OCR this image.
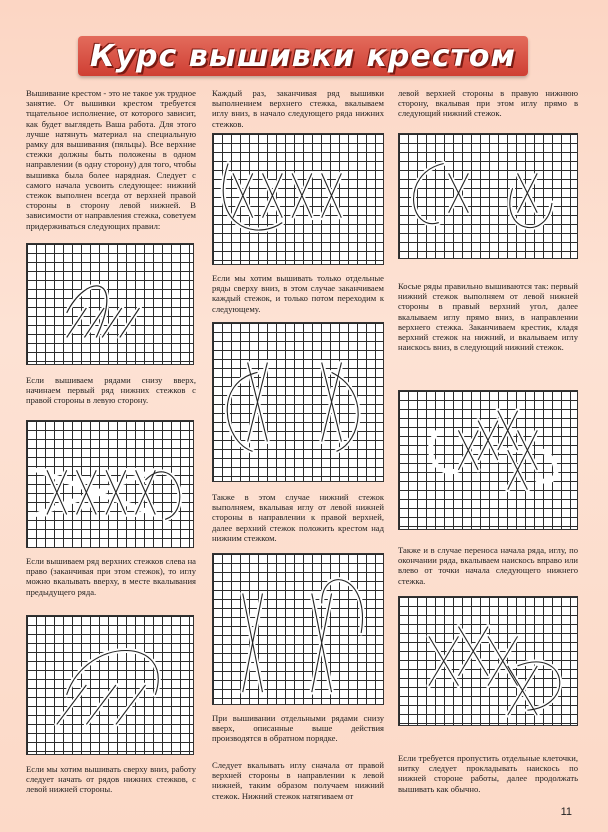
Курс вышивки крестом

Вышивание крестом - это не такое уж трудное занятие. От вышивки крестом требуется тщательное исполнение, от которого зависит, как будет выглядеть Ваша работа. Для этого лучше натянуть материал на специальную рамку для вышивания (пяльцы). Все верхние стежки должны быть положены в одном направлении (в одну сторону) для того, чтобы вышивка была более нарядная. Следует с самого начала усвоить следующее: нижний стежок выполнен всегда от верхней правой стороны в сторону левой нижней. В зависимости от направления стежка, советуем придерживаться следующих правил:

Если вышиваем рядами снизу вверх, начинаем первый ряд нижних стежков с правой стороны в левую сторону.

Если вышиваем ряд верхних стежков слева на право (заканчивая при этом стежок), то иглу можно вкалывать вверху, в месте вкалывания предыдущего ряда.

Если мы хотим вышивать сверху вниз, работу следует начать от рядов нижних стежков, с левой нижней стороны.

Каждый раз, заканчивая ряд вышивки выполнением верхнего стежка, вкалываем иглу вниз, в начало следующего ряда нижних стежков.

Если мы хотим вышивать только отдельные ряды сверху вниз, в этом случае заканчиваем каждый стежок, и только потом переходим к следующему.

Также в этом случае нижний стежок выполняем, вкалывая иглу от левой нижней стороны в направлении к правой верхней, далее верхний стежок положить крестом над нижним стежком.

При вышивании отдельными рядами снизу вверх, описанные выше действия производятся в обратном порядке.

Следует вкалывать иглу сначала от правой верхней стороны в направлении к левой нижней, таким образом получаем нижний стежок. Нижний стежок натягиваем от

левой верхней стороны в правую нижнюю сторону, вкалывая при этом иглу прямо в следующий нижний стежок.

Косые ряды правильно вышиваются так: первый нижний стежок выполняем от левой нижней стороны в правый верхний угол, далее вкалываем иглу прямо вниз, в направлении верхнего стежка. Заканчиваем крестик, кладя верхний стежок на нижний, и вкалываем иглу наискось вниз, в следующий нижний стежок.

Также и в случае переноса начала ряда, иглу, по окончании ряда, вкалываем наискось вправо или влево от точки начала следующего нижнего стежка.

Если требуется пропустить отдельные клеточки, нитку следует прокладывать наискось по нижней стороне работы, далее продолжать вышивать как обычно.

11
